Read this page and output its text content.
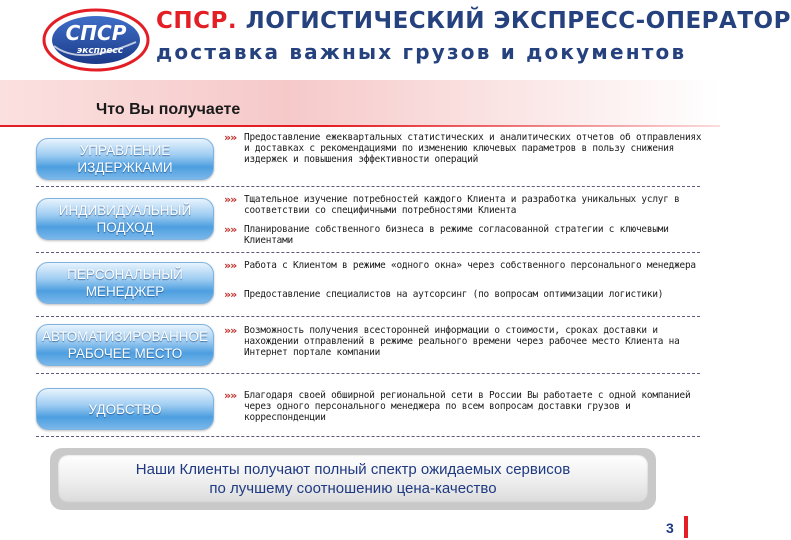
СПСР
экспресс
СПСР. ЛОГИСТИЧЕСКИЙ ЭКСПРЕСС-ОПЕРАТОР
доставка важных грузов и документов
Что Вы получаете
УПРАВЛЕНИЕ
ИЗДЕРЖКАМИ
»» Предоставление ежеквартальных статистических и аналитических отчетов об отправлениях и доставках с рекомендациями по изменению ключевых параметров в пользу снижения издержек и повышения эффективности операций
ИНДИВИДУАЛЬНЫЙ
ПОДХОД
»» Тщательное изучение потребностей каждого Клиента и разработка уникальных услуг в соответствии со специфичными потребностями Клиента
»» Планирование собственного бизнеса в режиме согласованной стратегии с ключевыми Клиентами
ПЕРСОНАЛЬНЫЙ
МЕНЕДЖЕР
»» Работа с Клиентом в режиме «одного окна» через собственного персонального менеджера
»» Предоставление специалистов на аутсорсинг (по вопросам оптимизации логистики)
АВТОМАТИЗИРОВАННОЕ
РАБОЧЕЕ МЕСТО
»» Возможность получения всесторонней информации о стоимости, сроках доставки и нахождении отправлений в режиме реального времени через рабочее место Клиента на Интернет портале компании
УДОБСТВО
»» Благодаря своей обширной региональной сети в России Вы работаете с одной компанией через одного персонального менеджера по всем вопросам доставки грузов и корреспонденции
Наши Клиенты получают полный спектр ожидаемых сервисов
по лучшему соотношению цена-качество
3
